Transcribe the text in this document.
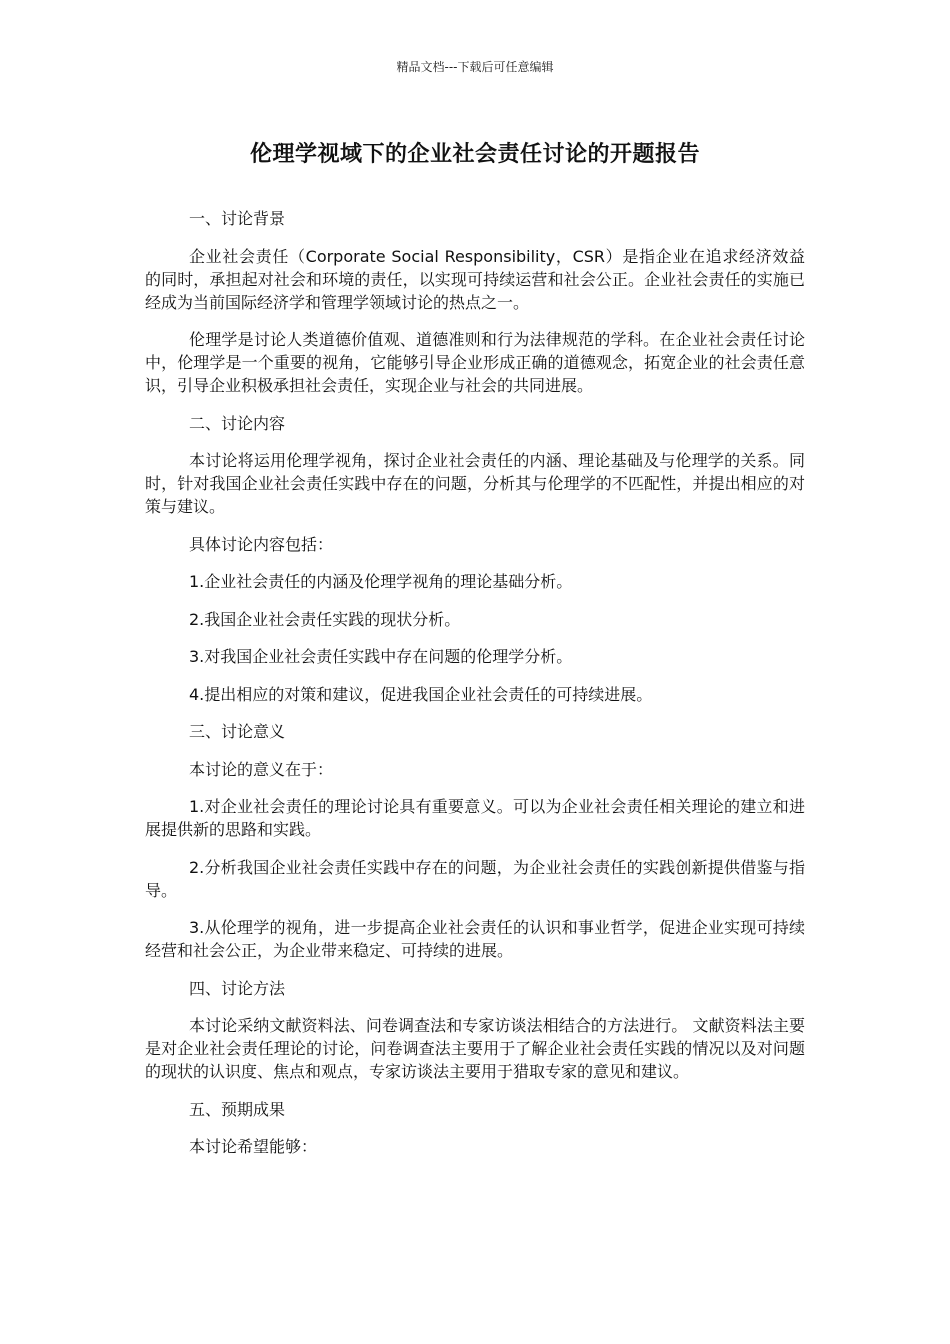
精品文档---下载后可任意编辑
伦理学视域下的企业社会责任讨论的开题报告

一、讨论背景

企业社会责任（Corporate Social Responsibility，CSR）是指企业在追求经济效益的同时，承担起对社会和环境的责任，以实现可持续运营和社会公正。企业社会责任的实施已经成为当前国际经济学和管理学领域讨论的热点之一。

伦理学是讨论人类道德价值观、道德准则和行为法律规范的学科。在企业社会责任讨论中，伦理学是一个重要的视角，它能够引导企业形成正确的道德观念，拓宽企业的社会责任意识，引导企业积极承担社会责任，实现企业与社会的共同进展。

二、讨论内容

本讨论将运用伦理学视角，探讨企业社会责任的内涵、理论基础及与伦理学的关系。同时，针对我国企业社会责任实践中存在的问题，分析其与伦理学的不匹配性，并提出相应的对策与建议。

具体讨论内容包括：

1.企业社会责任的内涵及伦理学视角的理论基础分析。

2.我国企业社会责任实践的现状分析。

3.对我国企业社会责任实践中存在问题的伦理学分析。

4.提出相应的对策和建议，促进我国企业社会责任的可持续进展。

三、讨论意义

本讨论的意义在于：

1.对企业社会责任的理论讨论具有重要意义。可以为企业社会责任相关理论的建立和进展提供新的思路和实践。

2.分析我国企业社会责任实践中存在的问题，为企业社会责任的实践创新提供借鉴与指导。

3.从伦理学的视角，进一步提高企业社会责任的认识和事业哲学，促进企业实现可持续经营和社会公正，为企业带来稳定、可持续的进展。

四、讨论方法

本讨论采纳文献资料法、问卷调查法和专家访谈法相结合的方法进行。 文献资料法主要是对企业社会责任理论的讨论，问卷调查法主要用于了解企业社会责任实践的情况以及对问题的现状的认识度、焦点和观点，专家访谈法主要用于猎取专家的意见和建议。

五、预期成果

本讨论希望能够：
